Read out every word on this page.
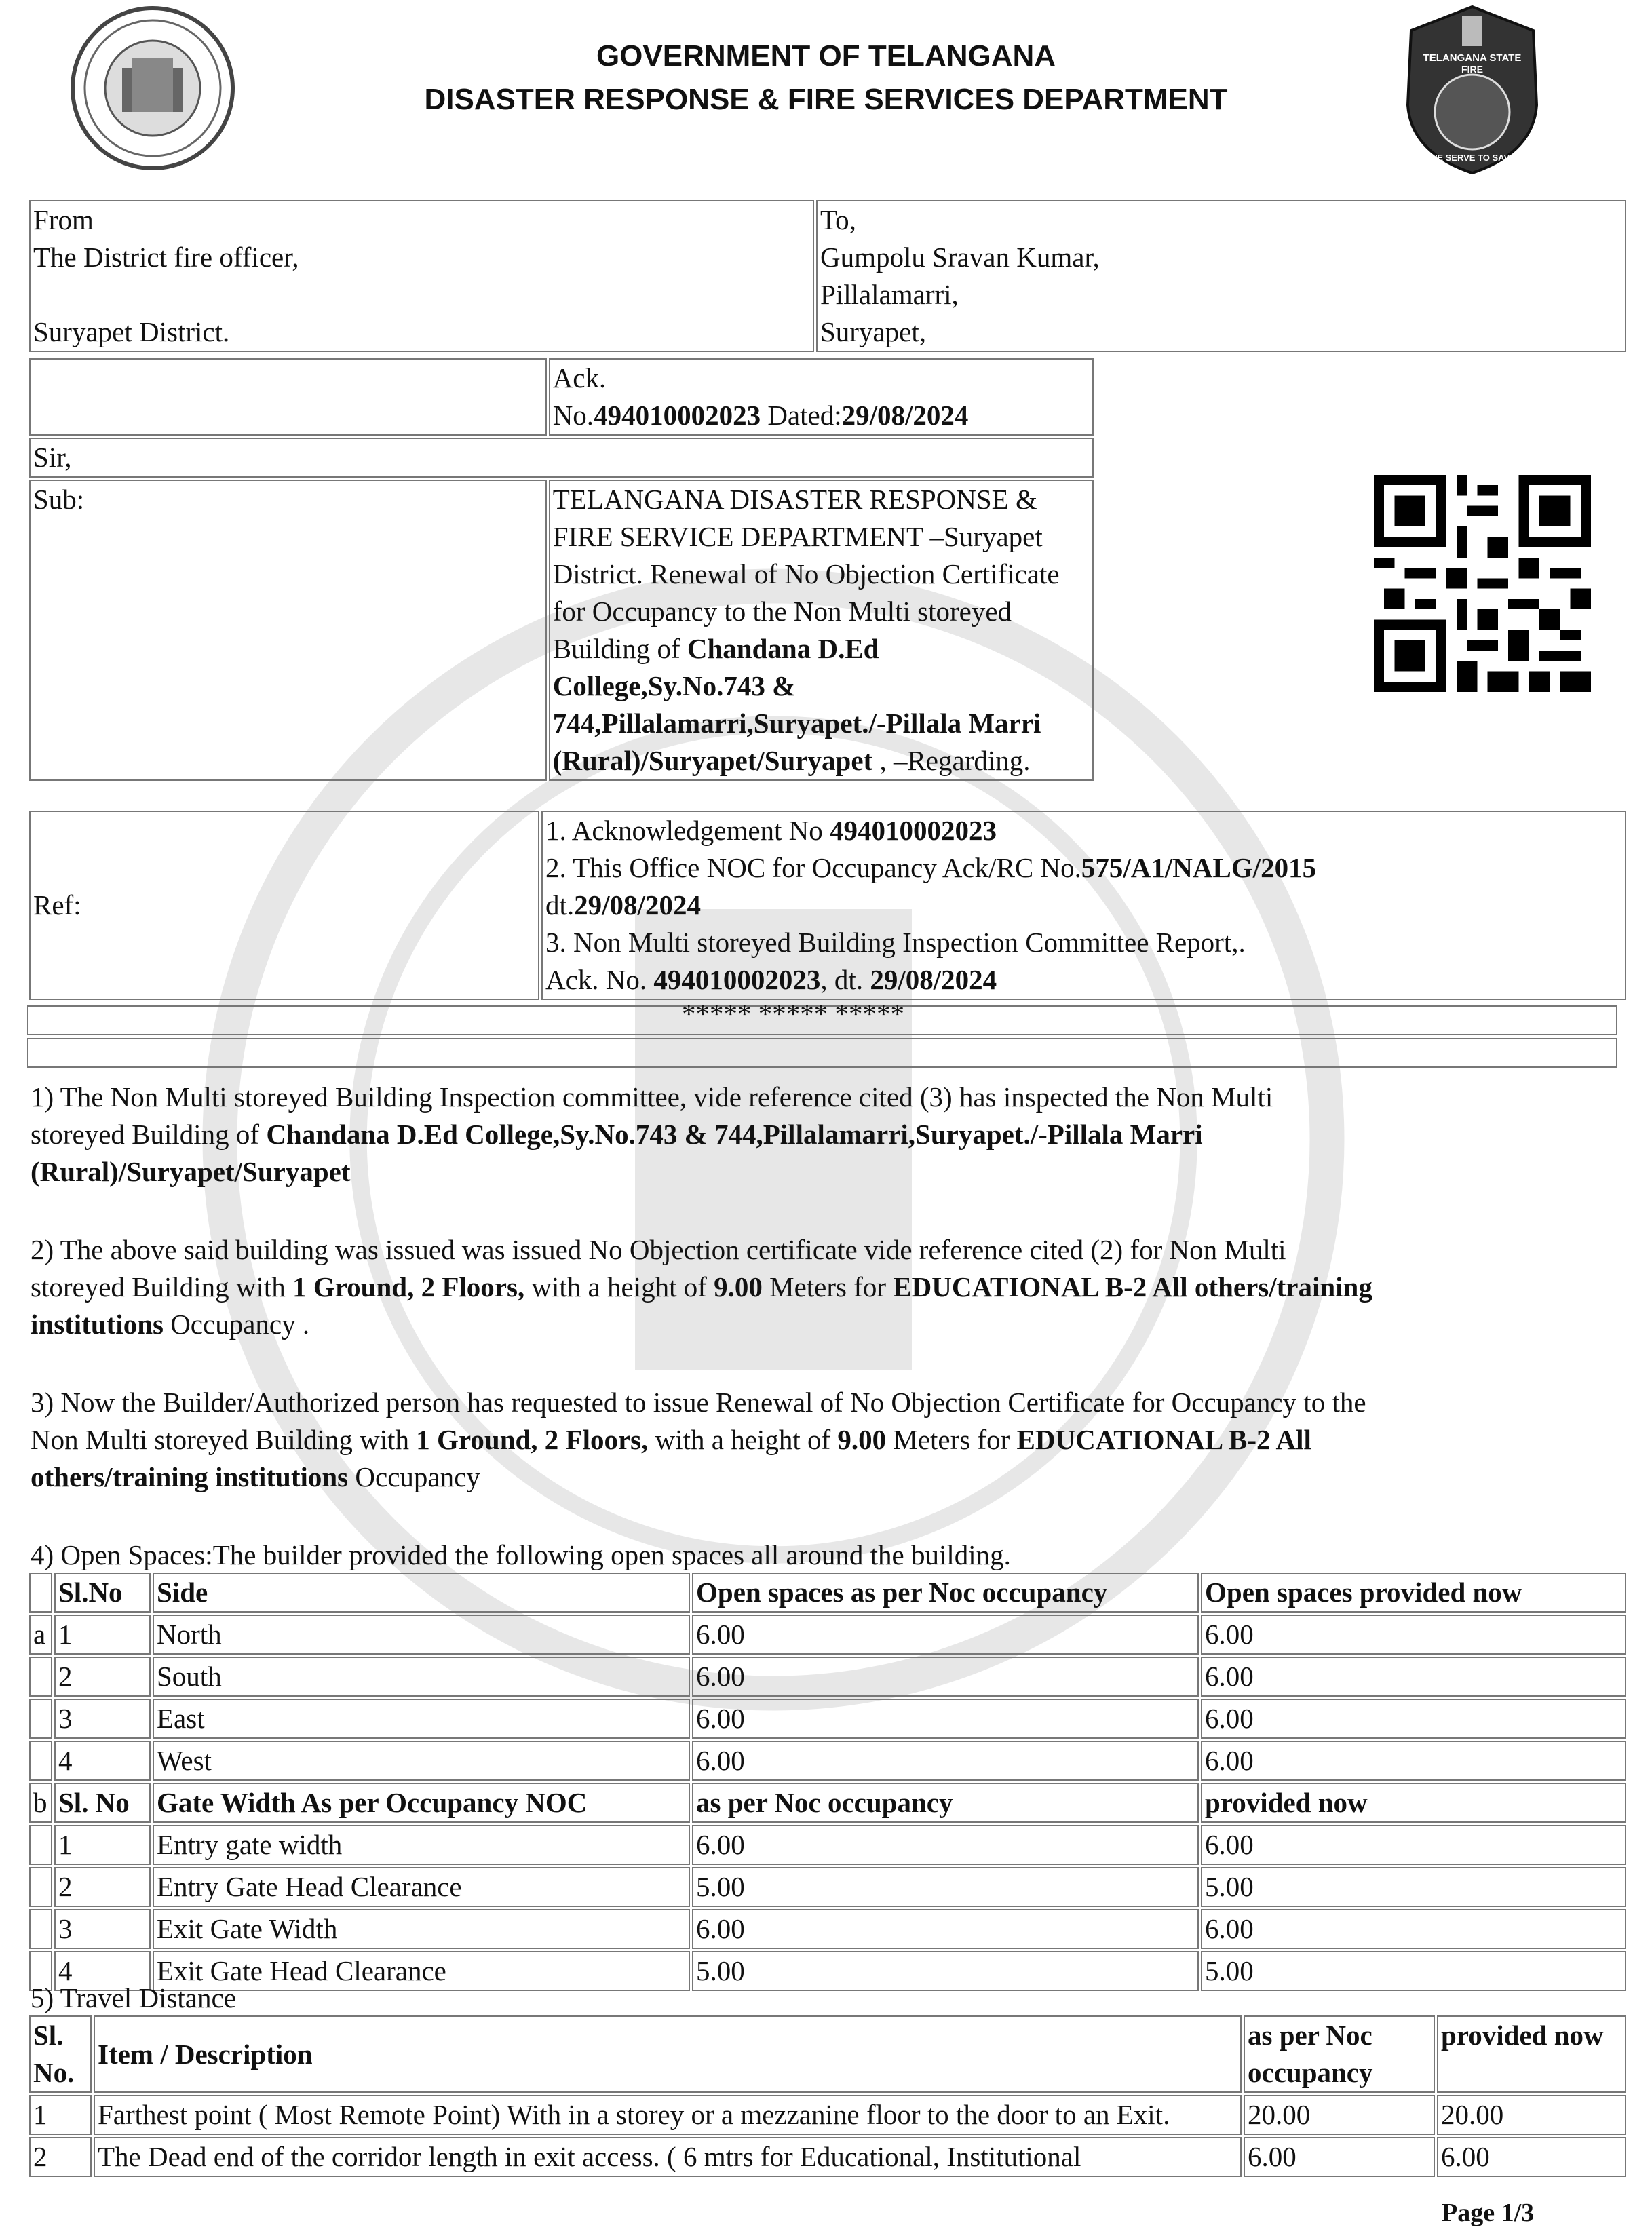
GOVERNMENT OF TELANGANA
DISASTER RESPONSE & FIRE SERVICES DEPARTMENT
TELANGANA STATE
FIRE
WE SERVE TO SAVE
From
The District fire officer,
Suryapet District.

To,
Gumpolu Sravan Kumar,
Pillalamarri,
Suryapet,

	Ack.
No.494010002023 Dated:29/08/2024

Sir,	
Sub:	TELANGANA DISASTER RESPONSE & FIRE SERVICE DEPARTMENT –Suryapet District. Renewal of No Objection Certificate for Occupancy to the Non Multi storeyed Building of Chandana D.Ed College,Sy.No.743 & 744,Pillalamarri,Suryapet./-Pillala Marri (Rural)/Suryapet/Suryapet , –Regarding.
Ref:	
1. Acknowledgement No 494010002023
2. This Office NOC for Occupancy Ack/RC No.575/A1/NALG/2015
dt.29/08/2024
3. Non Multi storeyed Building Inspection Committee Report,.
Ack. No. 494010002023, dt. 29/08/2024
***** ***** *****
1) The Non Multi storeyed Building Inspection committee, vide reference cited (3) has inspected the Non Multi
storeyed Building of Chandana D.Ed College,Sy.No.743 & 744,Pillalamarri,Suryapet./-Pillala Marri
(Rural)/Suryapet/Suryapet
2) The above said building was issued was issued No Objection certificate vide reference cited (2) for Non Multi
storeyed Building with 1 Ground, 2 Floors, with a height of 9.00 Meters for EDUCATIONAL B-2 All others/training
institutions Occupancy .
3) Now the Builder/Authorized person has requested to issue Renewal of No Objection Certificate for Occupancy to the
Non Multi storeyed Building with 1 Ground, 2 Floors, with a height of 9.00 Meters for EDUCATIONAL B-2 All
others/training institutions Occupancy
4) Open Spaces:The builder provided the following open spaces all around the building.
	Sl.No	Side	Open spaces as per Noc occupancy	Open spaces provided now
a	1	North	6.00	6.00
	2	South	6.00	6.00
	3	East	6.00	6.00
	4	West	6.00	6.00
b	Sl. No	Gate Width As per Occupancy NOC	as per Noc occupancy	provided now
	1	Entry gate width	6.00	6.00
	2	Entry Gate Head Clearance	5.00	5.00
	3	Exit Gate Width	6.00	6.00
	4	Exit Gate Head Clearance	5.00	5.00
5) Travel Distance
Sl. No.	Item / Description	as per Noc occupancy	provided now
1	Farthest point ( Most Remote Point) With in a storey or a mezzanine floor to the door to an Exit.	20.00	20.00
2	The Dead end of the corridor length in exit access. ( 6 mtrs for Educational, Institutional	6.00	6.00
Page 1/3
